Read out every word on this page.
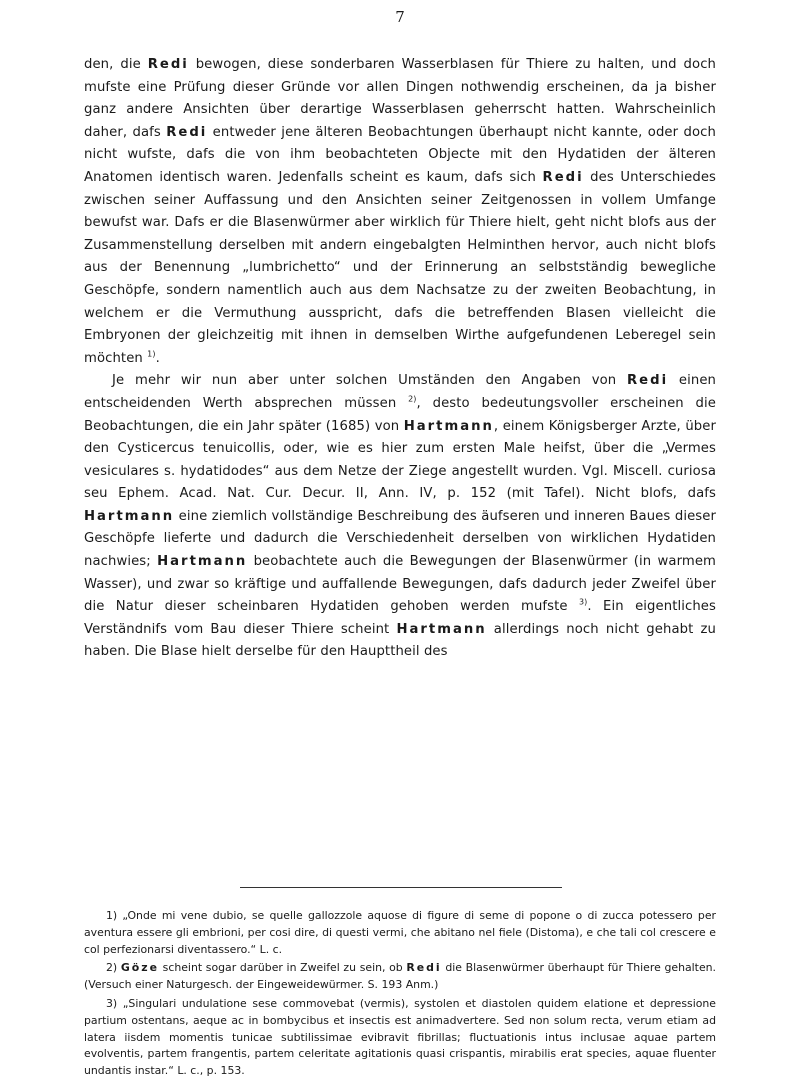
7

den, die Redi bewogen, diese sonderbaren Wasserblasen für Thiere zu halten, und doch mufste eine Prüfung dieser Gründe vor allen Dingen nothwendig erscheinen, da ja bisher ganz andere Ansichten über derartige Wasserblasen geherrscht hatten. Wahrscheinlich daher, dafs Redi entweder jene älteren Beobachtungen überhaupt nicht kannte, oder doch nicht wufste, dafs die von ihm beobachteten Objecte mit den Hydatiden der älteren Anatomen identisch waren. Jedenfalls scheint es kaum, dafs sich Redi des Unterschiedes zwischen seiner Auffassung und den Ansichten seiner Zeitgenossen in vollem Umfange bewufst war. Dafs er die Blasenwürmer aber wirklich für Thiere hielt, geht nicht blofs aus der Zusammenstellung derselben mit andern eingebalgten Helminthen hervor, auch nicht blofs aus der Benennung „lumbrichetto“ und der Erinnerung an selbstständig bewegliche Geschöpfe, sondern namentlich auch aus dem Nachsatze zu der zweiten Beobachtung, in welchem er die Vermuthung ausspricht, dafs die betreffenden Blasen vielleicht die Embryonen der gleichzeitig mit ihnen in demselben Wirthe aufgefundenen Leberegel sein möchten $^{1)}$.

Je mehr wir nun aber unter solchen Umständen den Angaben von Redi einen entscheidenden Werth absprechen müssen $^{2)}$, desto bedeutungsvoller erscheinen die Beobachtungen, die ein Jahr später (1685) von Hartmann, einem Königsberger Arzte, über den Cysticercus tenuicollis, oder, wie es hier zum ersten Male heifst, über die „Vermes vesiculares s. hydatidodes“ aus dem Netze der Ziege angestellt wurden. Vgl. Miscell. curiosa seu Ephem. Acad. Nat. Cur. Decur. II, Ann. IV, p. 152 (mit Tafel). Nicht blofs, dafs Hartmann eine ziemlich vollständige Beschreibung des äufseren und inneren Baues dieser Geschöpfe lieferte und dadurch die Verschiedenheit derselben von wirklichen Hydatiden nachwies; Hartmann beobachtete auch die Bewegungen der Blasenwürmer (in warmem Wasser), und zwar so kräftige und auffallende Bewegungen, dafs dadurch jeder Zweifel über die Natur dieser scheinbaren Hydatiden gehoben werden mufste $^{3)}$. Ein eigentliches Verständnifs vom Bau dieser Thiere scheint Hartmann allerdings noch nicht gehabt zu haben. Die Blase hielt derselbe für den Haupttheil des

1) „Onde mi vene dubio, se quelle gallozzole aquose di figure di seme di popone o di zucca potessero per aventura essere gli embrioni, per cosi dire, di questi vermi, che abitano nel fiele (Distoma), e che tali col crescere e col perfezionarsi diventassero.“ L. c.

2) Göze scheint sogar darüber in Zweifel zu sein, ob Redi die Blasenwürmer überhaupt für Thiere gehalten. (Versuch einer Naturgesch. der Eingeweidewürmer. S. 193 Anm.)

3) „Singulari undulatione sese commovebat (vermis), systolen et diastolen quidem elatione et depressione partium ostentans, aeque ac in bombycibus et insectis est animadvertere. Sed non solum recta, verum etiam ad latera iisdem momentis tunicae subtilissimae evibravit fibrillas; fluctuationis intus inclusae aquae partem evolventis, partem frangentis, partem celeritate agitationis quasi crispantis, mirabilis erat species, aquae fluenter undantis instar.“ L. c., p. 153.
